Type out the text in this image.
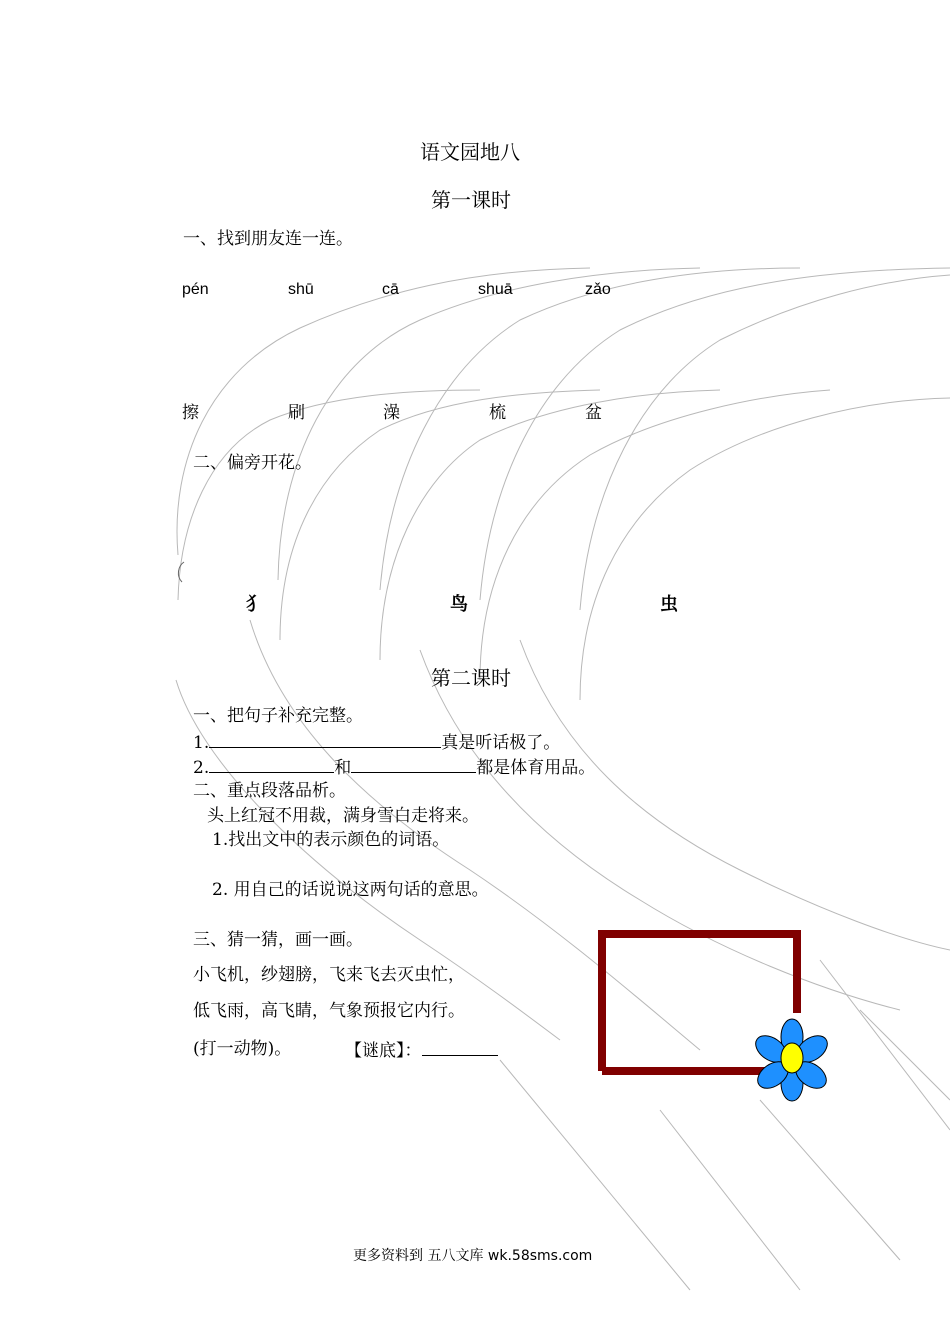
语文园地八
第一课时
一、找到朋友连一连。
pén	shū	cā	shuā	zǎo
擦	刷	澡	梳	盆
二、偏旁开花。
犭	鸟	虫
第二课时
一、把句子补充完整。
1.	真是听话极了。
2.	和	都是体育用品。
二、重点段落品析。
头上红冠不用裁，满身雪白走将来。
1.找出文中的表示颜色的词语。
2. 用自己的话说说这两句话的意思。
三、猜一猜，画一画。
小飞机，纱翅膀，飞来飞去灭虫忙，
低飞雨，高飞睛，气象预报它内行。
(打一动物)。	【谜底】：
更多资料到 五八文库 wk.58sms.com
